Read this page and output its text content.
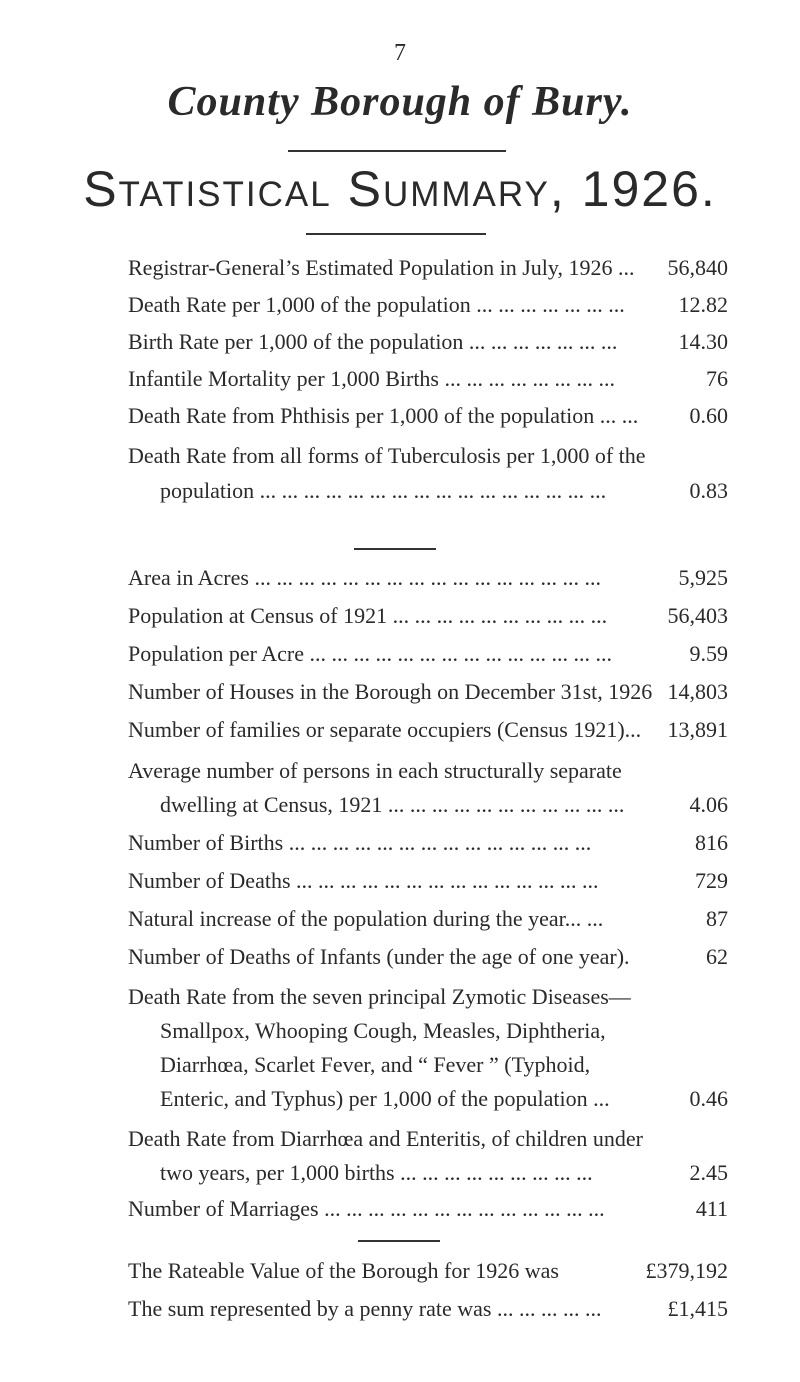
7
County Borough of Bury.
Statistical Summary, 1926.
Registrar-General’s Estimated Population in July, 1926 ...	56,840
Death Rate per 1,000 of the population ... ... ... ... ... ... ...	12.82
Birth Rate per 1,000 of the population ... ... ... ... ... ... ...	14.30
Infantile Mortality per 1,000 Births ... ... ... ... ... ... ... ...	76
Death Rate from Phthisis per 1,000 of the population ... ...	0.60
Death Rate from all forms of Tuberculosis per 1,000 of the
population ... ... ... ... ... ... ... ... ... ... ... ... ... ... ... ...	0.83
Area in Acres ... ... ... ... ... ... ... ... ... ... ... ... ... ... ... ...	5,925
Population at Census of 1921 ... ... ... ... ... ... ... ... ... ...	56,403
Population per Acre ... ... ... ... ... ... ... ... ... ... ... ... ... ...	9.59
Number of Houses in the Borough on December 31st, 1926 14,803
Number of families or separate occupiers (Census 1921)...	13,891
Average number of persons in each structurally separate
dwelling at Census, 1921 ... ... ... ... ... ... ... ... ... ... ...	4.06
Number of Births ... ... ... ... ... ... ... ... ... ... ... ... ... ...	816
Number of Deaths ... ... ... ... ... ... ... ... ... ... ... ... ... ...	729
Natural increase of the population during the year... ...	87
Number of Deaths of Infants (under the age of one year).	62
Death Rate from the seven principal Zymotic Diseases—
Smallpox, Whooping Cough, Measles, Diphtheria,
Diarrhœa, Scarlet Fever, and “ Fever ” (Typhoid,
Enteric, and Typhus) per 1,000 of the population ...	0.46
Death Rate from Diarrhœa and Enteritis, of children under
two years, per 1,000 births ... ... ... ... ... ... ... ... ...	2.45
Number of Marriages ... ... ... ... ... ... ... ... ... ... ... ... ...	411
The Rateable Value of the Borough for 1926 was	£379,192
The sum represented by a penny rate was ... ... ... ... ...	£1,415
